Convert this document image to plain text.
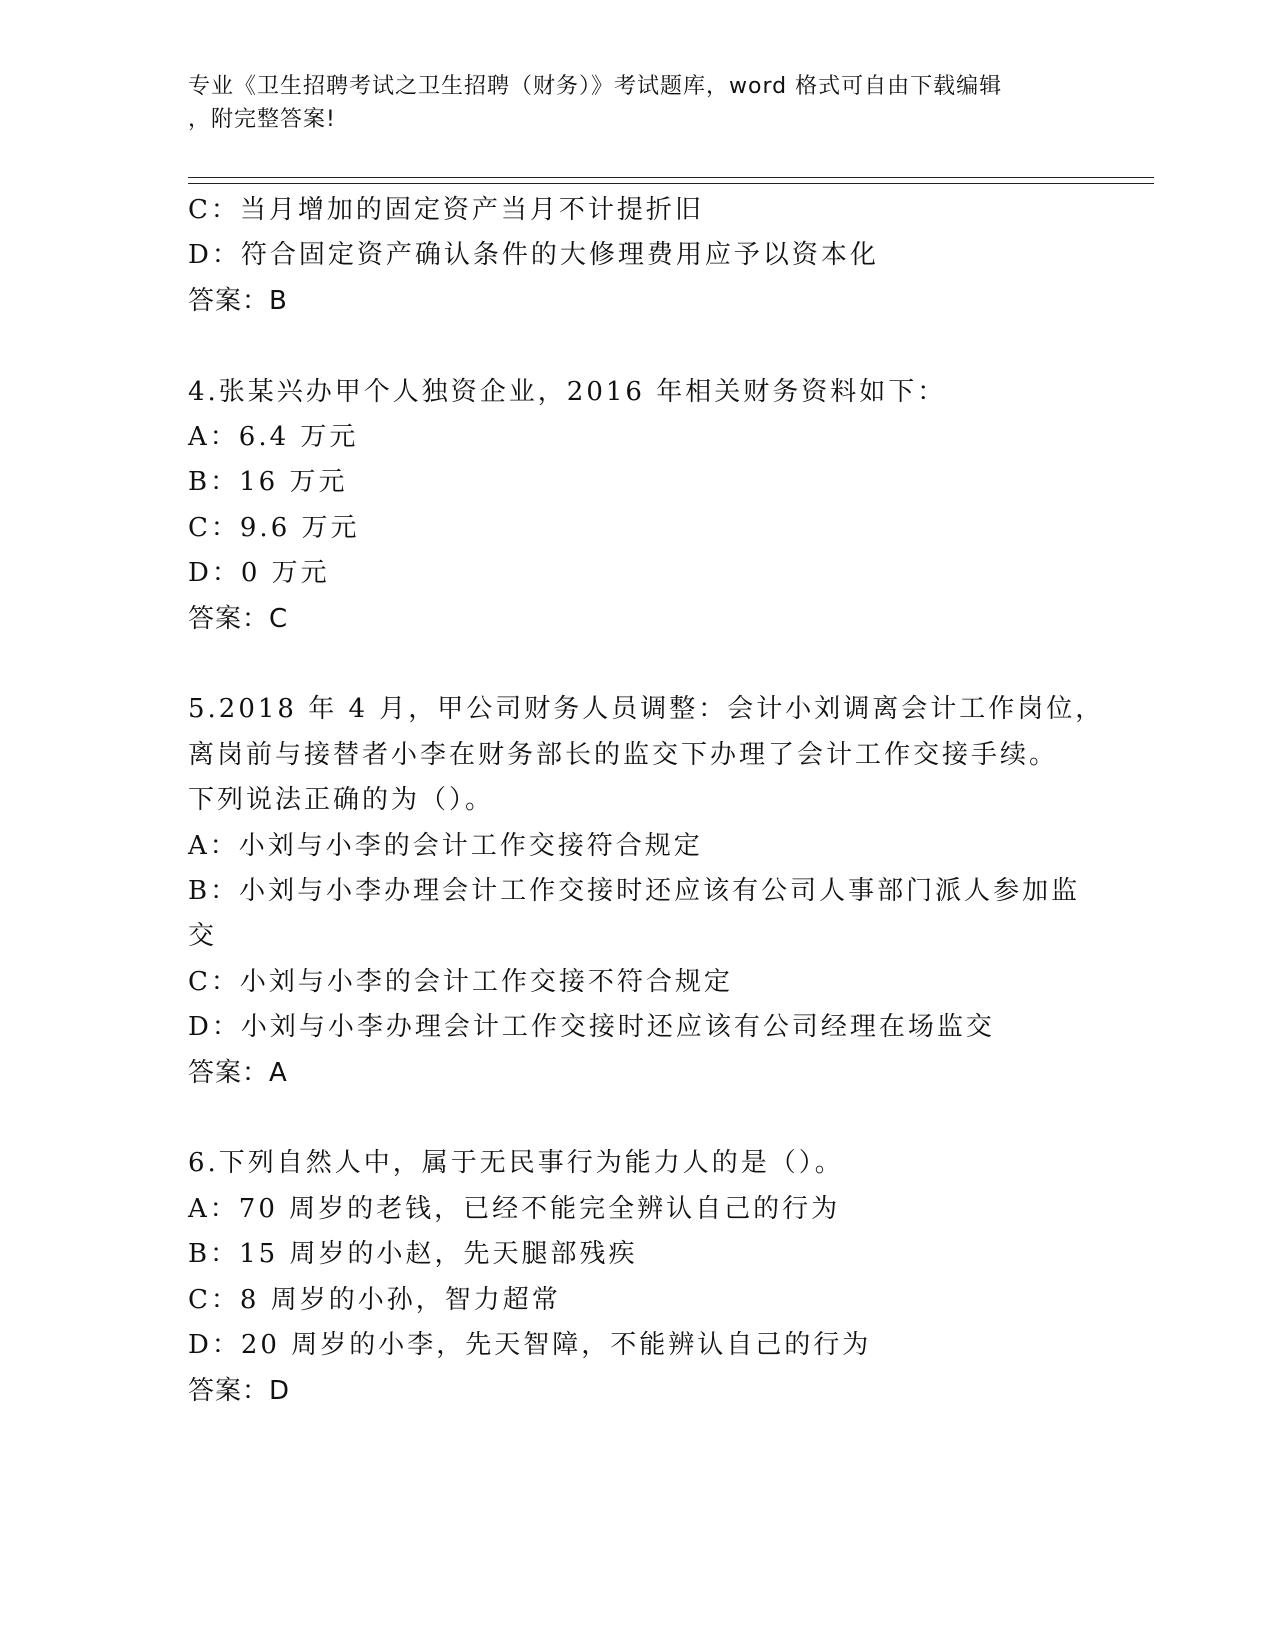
专业《卫生招聘考试之卫生招聘（财务）》考试题库，word 格式可自由下载编辑
，附完整答案!
C：当月增加的固定资产当月不计提折旧
D：符合固定资产确认条件的大修理费用应予以资本化
答案：B
4.张某兴办甲个人独资企业，2016 年相关财务资料如下：
A：6.4 万元
B：16 万元
C：9.6 万元
D：0 万元
答案：C
5.2018 年 4 月，甲公司财务人员调整：会计小刘调离会计工作岗位，
离岗前与接替者小李在财务部长的监交下办理了会计工作交接手续。
下列说法正确的为（）。
A：小刘与小李的会计工作交接符合规定
B：小刘与小李办理会计工作交接时还应该有公司人事部门派人参加监
交
C：小刘与小李的会计工作交接不符合规定
D：小刘与小李办理会计工作交接时还应该有公司经理在场监交
答案：A
6.下列自然人中，属于无民事行为能力人的是（）。
A：70 周岁的老钱，已经不能完全辨认自己的行为
B：15 周岁的小赵，先天腿部残疾
C：8 周岁的小孙，智力超常
D：20 周岁的小李，先天智障，不能辨认自己的行为
答案：D
